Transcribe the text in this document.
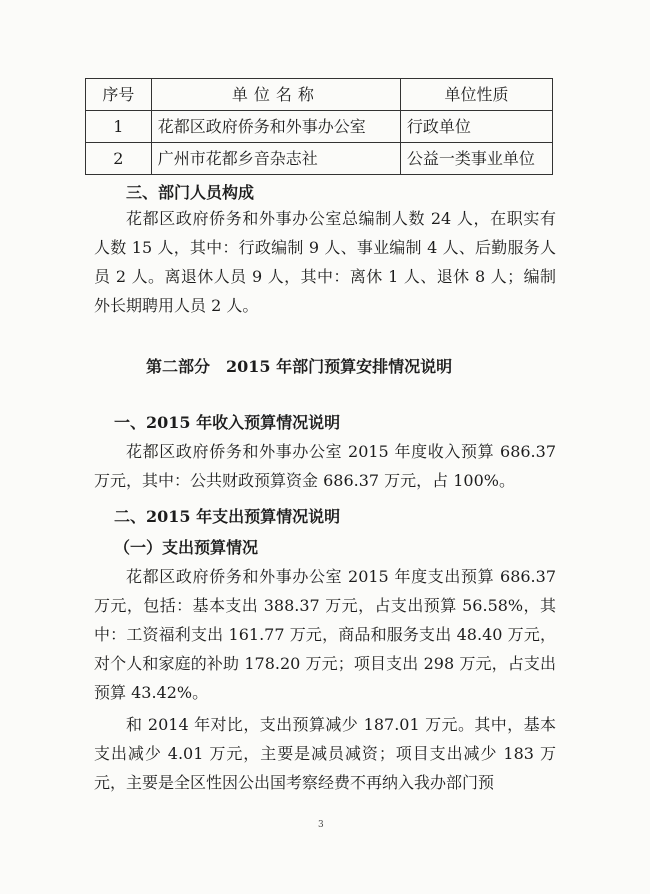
序号	单位名称	单位性质
1	花都区政府侨务和外事办公室	行政单位
2	广州市花都乡音杂志社	公益一类事业单位
三、部门人员构成

花都区政府侨务和外事办公室总编制人数 24 人，在职实有人数 15 人，其中：行政编制 9 人、事业编制 4 人、后勤服务人员 2 人。离退休人员 9 人，其中：离休 1 人、退休 8 人；编制外长期聘用人员 2 人。

第二部分　2015 年部门预算安排情况说明
一、2015 年收入预算情况说明

花都区政府侨务和外事办公室 2015 年度收入预算 686.37 万元，其中：公共财政预算资金 686.37 万元，占 100%。

二、2015 年支出预算情况说明
（一）支出预算情况

花都区政府侨务和外事办公室 2015 年度支出预算 686.37 万元，包括：基本支出 388.37 万元，占支出预算 56.58%，其中：工资福利支出 161.77 万元，商品和服务支出 48.40 万元，对个人和家庭的补助 178.20 万元；项目支出 298 万元，占支出预算 43.42%。

和 2014 年对比，支出预算减少 187.01 万元。其中，基本支出减少 4.01 万元，主要是减员减资；项目支出减少 183 万元，主要是全区性因公出国考察经费不再纳入我办部门预

3
